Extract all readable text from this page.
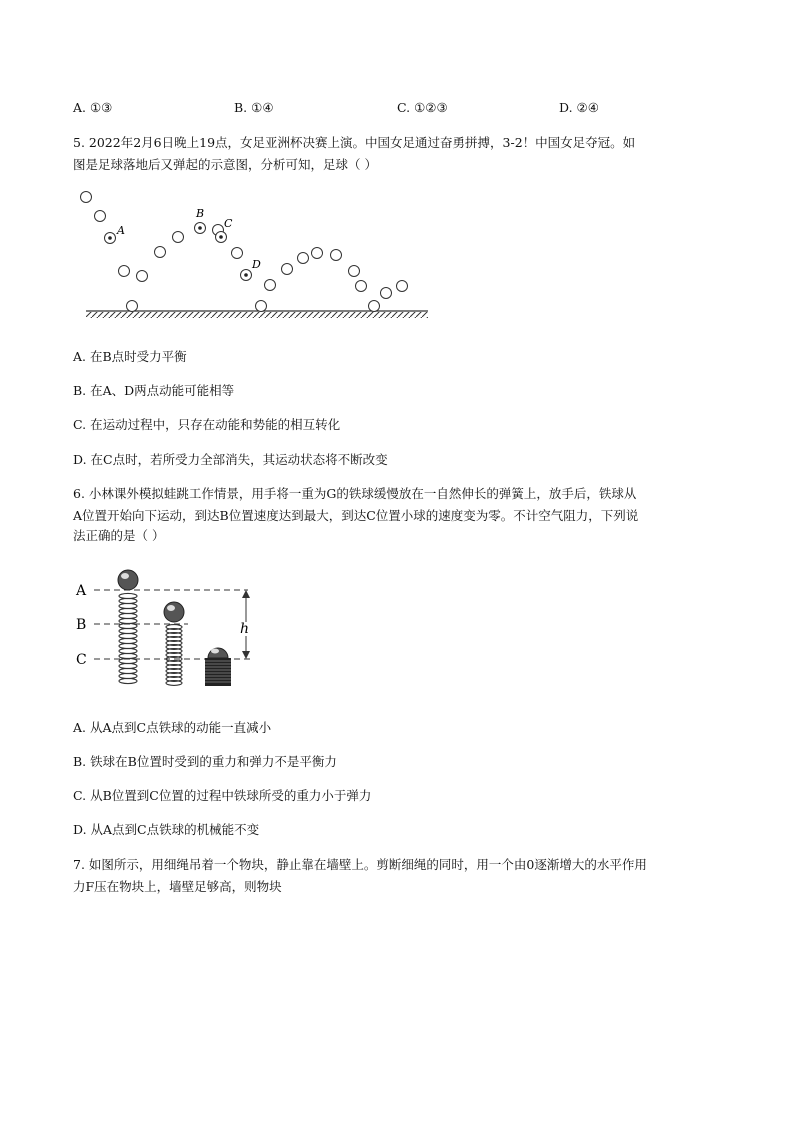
A. ①③	B. ①④	C. ①②③	D. ②④
5. 2022年2月6日晚上19点，女足亚洲杯决赛上演。中国女足通过奋勇拼搏，3-2！中国女足夺冠。如
图是足球落地后又弹起的示意图，分析可知，足球（ ）
A
B
C
D
A. 在B点时受力平衡
B. 在A、D两点动能可能相等
C. 在运动过程中，只存在动能和势能的相互转化
D. 在C点时，若所受力全部消失，其运动状态将不断改变
6. 小林课外模拟蛙跳工作情景，用手将一重为G的铁球缓慢放在一自然伸长的弹簧上，放手后，铁球从
A位置开始向下运动，到达B位置速度达到最大，到达C位置小球的速度变为零。不计空气阻力，下列说
法正确的是（ ）
A
B
C
h
A. 从A点到C点铁球的动能一直减小
B. 铁球在B位置时受到的重力和弹力不是平衡力
C. 从B位置到C位置的过程中铁球所受的重力小于弹力
D. 从A点到C点铁球的机械能不变
7. 如图所示，用细绳吊着一个物块，静止靠在墙壁上。剪断细绳的同时，用一个由0逐渐增大的水平作用
力F压在物块上，墙壁足够高，则物块
